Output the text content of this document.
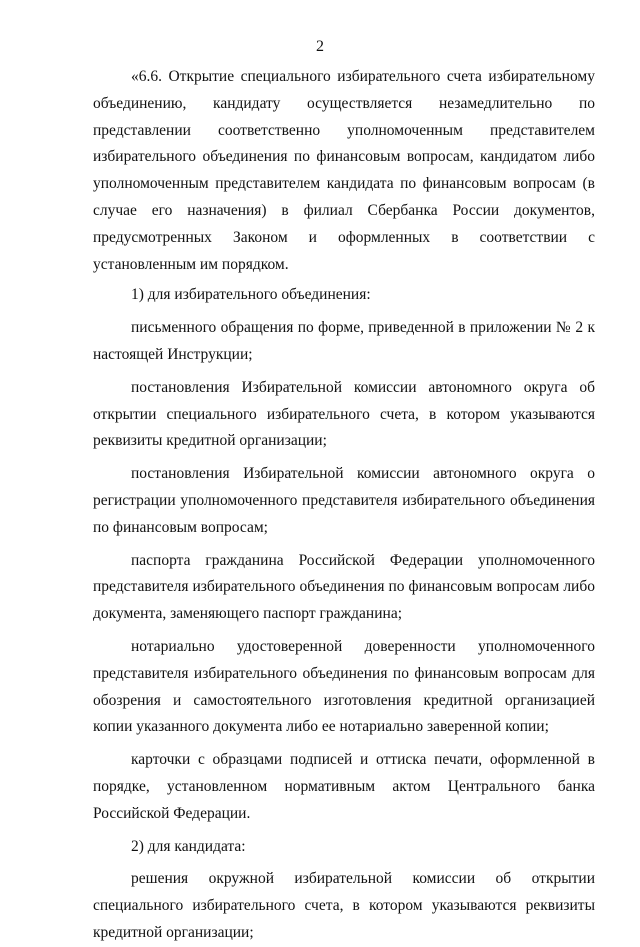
2

«6.6. Открытие специального избирательного счета избирательному объединению, кандидату осуществляется незамедлительно по представлении соответственно уполномоченным представителем избирательного объединения по финансовым вопросам, кандидатом либо уполномоченным представителем кандидата по финансовым вопросам (в случае его назначения) в филиал Сбербанка России документов, предусмотренных Законом и оформленных в соответствии с установленным им порядком.

1) для избирательного объединения:

письменного обращения по форме, приведенной в приложении № 2 к настоящей Инструкции;

постановления Избирательной комиссии автономного округа об открытии специального избирательного счета, в котором указываются реквизиты кредитной организации;

постановления Избирательной комиссии автономного округа о регистрации уполномоченного представителя избирательного объединения по финансовым вопросам;

паспорта гражданина Российской Федерации уполномоченного представителя избирательного объединения по финансовым вопросам либо документа, заменяющего паспорт гражданина;

нотариально удостоверенной доверенности уполномоченного представителя избирательного объединения по финансовым вопросам для обозрения и самостоятельного изготовления кредитной организацией копии указанного документа либо ее нотариально заверенной копии;

карточки с образцами подписей и оттиска печати, оформленной в порядке, установленном нормативным актом Центрального банка Российской Федерации.

2) для кандидата:

решения окружной избирательной комиссии об открытии специального избирательного счета, в котором указываются реквизиты кредитной организации;
